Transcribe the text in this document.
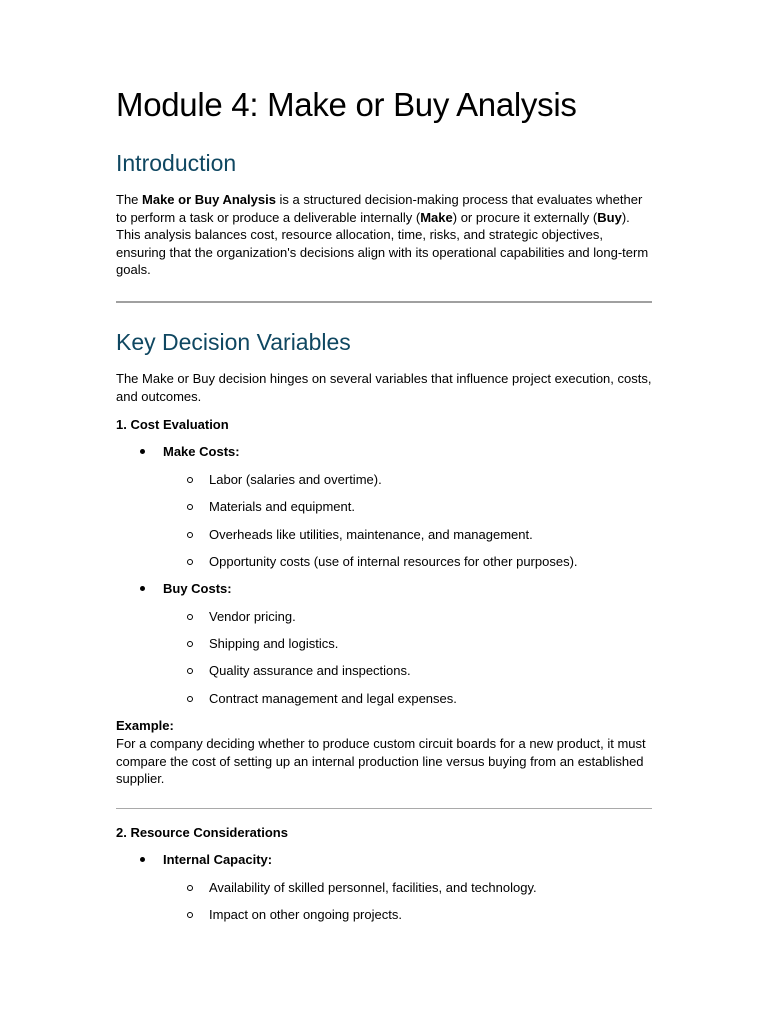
Module 4: Make or Buy Analysis
Introduction

The Make or Buy Analysis is a structured decision-making process that evaluates whether to perform a task or produce a deliverable internally (Make) or procure it externally (Buy). This analysis balances cost, resource allocation, time, risks, and strategic objectives, ensuring that the organization's decisions align with its operational capabilities and long-term goals.

Key Decision Variables

The Make or Buy decision hinges on several variables that influence project execution, costs, and outcomes.

1. Cost Evaluation
Make Costs:
Labor (salaries and overtime).
Materials and equipment.
Overheads like utilities, maintenance, and management.
Opportunity costs (use of internal resources for other purposes).
Buy Costs:
Vendor pricing.
Shipping and logistics.
Quality assurance and inspections.
Contract management and legal expenses.
Example:

For a company deciding whether to produce custom circuit boards for a new product, it must compare the cost of setting up an internal production line versus buying from an established supplier.

2. Resource Considerations
Internal Capacity:
Availability of skilled personnel, facilities, and technology.
Impact on other ongoing projects.
